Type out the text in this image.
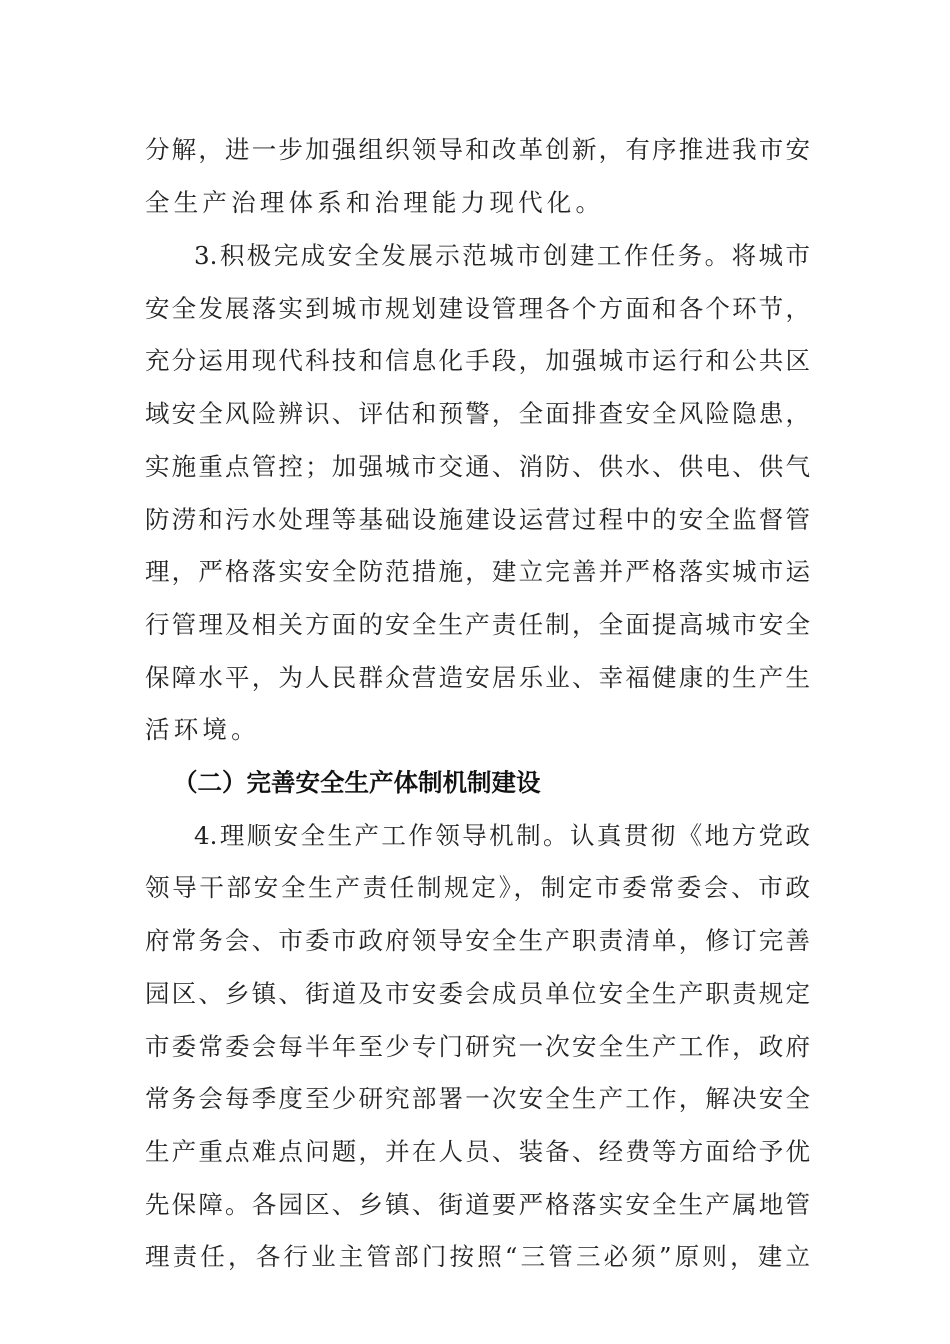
分解，进一步加强组织领导和改革创新，有序推进我市安
全生产治理体系和治理能力现代化。
3.积极完成安全发展示范城市创建工作任务。将城市
安全发展落实到城市规划建设管理各个方面和各个环节，
充分运用现代科技和信息化手段，加强城市运行和公共区
域安全风险辨识、评估和预警，全面排查安全风险隐患，
实施重点管控；加强城市交通、消防、供水、供电、供气
防涝和污水处理等基础设施建设运营过程中的安全监督管
理，严格落实安全防范措施，建立完善并严格落实城市运
行管理及相关方面的安全生产责任制，全面提高城市安全
保障水平，为人民群众营造安居乐业、幸福健康的生产生
活环境。
（二）完善安全生产体制机制建设
4.理顺安全生产工作领导机制。认真贯彻《地方党政
领导干部安全生产责任制规定》，制定市委常委会、市政
府常务会、市委市政府领导安全生产职责清单，修订完善
园区、乡镇、街道及市安委会成员单位安全生产职责规定
市委常委会每半年至少专门研究一次安全生产工作，政府
常务会每季度至少研究部署一次安全生产工作，解决安全
生产重点难点问题，并在人员、装备、经费等方面给予优
先保障。各园区、乡镇、街道要严格落实安全生产属地管
理责任，各行业主管部门按照“三管三必须”原则，建立
